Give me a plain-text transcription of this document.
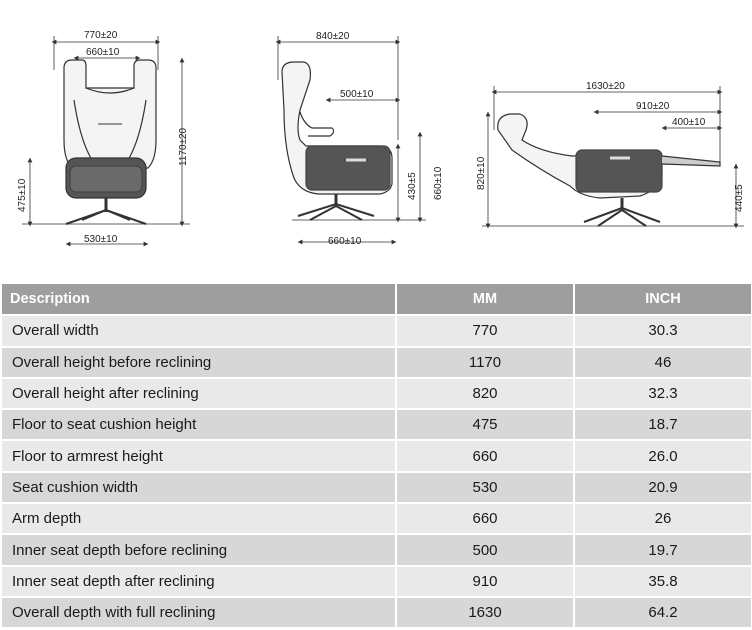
770±20
660±10
1170±20
475±10
530±10
840±20
500±10
430±5 660±10
660±10
1630±20
910±20
400±10
820±10
440±5
Description	MM	INCH
Overall width	770	30.3
Overall height before reclining	1170	46
Overall height after reclining	820	32.3
Floor to seat cushion height	475	18.7
Floor to armrest height	660	26.0
Seat cushion width	530	20.9
Arm depth	660	26
Inner seat depth before reclining	500	19.7
Inner seat depth after reclining	910	35.8
Overall depth with full reclining	1630	64.2
